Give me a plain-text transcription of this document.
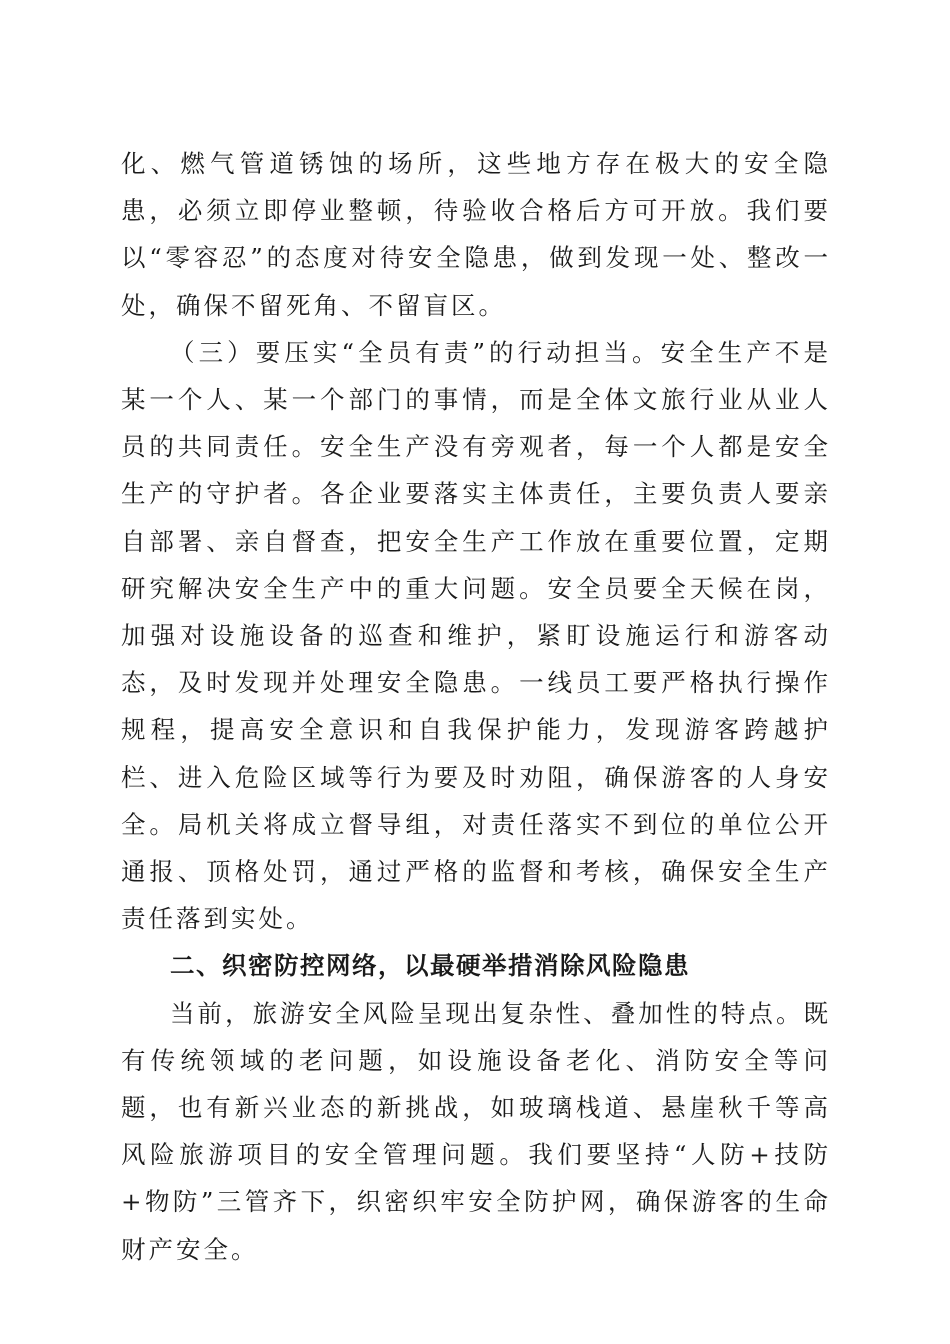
化、燃气管道锈蚀的场所，这些地方存在极大的安全隐患，必须立即停业整顿，待验收合格后方可开放。我们要以“零容忍”的态度对待安全隐患，做到发现一处、整改一处，确保不留死角、不留盲区。

（三）要压实“全员有责”的行动担当。安全生产不是某一个人、某一个部门的事情，而是全体文旅行业从业人员的共同责任。安全生产没有旁观者，每一个人都是安全生产的守护者。各企业要落实主体责任，主要负责人要亲自部署、亲自督查，把安全生产工作放在重要位置，定期研究解决安全生产中的重大问题。安全员要全天候在岗，加强对设施设备的巡查和维护，紧盯设施运行和游客动态，及时发现并处理安全隐患。一线员工要严格执行操作规程，提高安全意识和自我保护能力，发现游客跨越护栏、进入危险区域等行为要及时劝阻，确保游客的人身安全。局机关将成立督导组，对责任落实不到位的单位公开通报、顶格处罚，通过严格的监督和考核，确保安全生产责任落到实处。

二、织密防控网络，以最硬举措消除风险隐患

当前，旅游安全风险呈现出复杂性、叠加性的特点。既有传统领域的老问题，如设施设备老化、消防安全等问题，也有新兴业态的新挑战，如玻璃栈道、悬崖秋千等高风险旅游项目的安全管理问题。我们要坚持“人防+技防+物防”三管齐下，织密织牢安全防护网，确保游客的生命财产安全。
